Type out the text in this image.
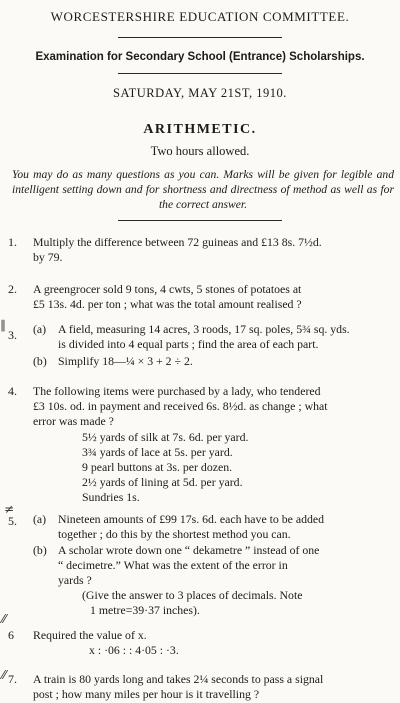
WORCESTERSHIRE EDUCATION COMMITTEE.
Examination for Secondary School (Entrance) Scholarships.
SATURDAY, MAY 21ST, 1910.
ARITHMETIC.
Two hours allowed.
You may do as many questions as you can. Marks will be given for legible and intelligent setting down and for shortness and directness of method as well as for the correct answer.
1. Multiply the difference between 72 guineas and £13 8s. 7½d.
by 79.
2. A greengrocer sold 9 tons, 4 cwts, 5 stones of potatoes at
£5 13s. 4d. per ton ; what was the total amount realised ?
∥
3. (a) A field, measuring 14 acres, 3 roods, 17 sq. poles, 5¾ sq. yds.
is divided into 4 equal parts ; find the area of each part.
(b) Simplify 18—¼ × 3 + 2 ÷ 2.
4. The following items were purchased by a lady, who tendered
£3 10s. od. in payment and received 6s. 8½d. as change ; what
error was made ?
5½ yards of silk at 7s. 6d. per yard.
3¾ yards of lace at 5s. per yard.
9 pearl buttons at 3s. per dozen.
2½ yards of lining at 5d. per yard.
Sundries 1s.
≠
5. (a) Nineteen amounts of £99 17s. 6d. each have to be added
together ; do this by the shortest method you can.
(b) A scholar wrote down one “ dekametre ” instead of one
“ decimetre.” What was the extent of the error in
yards ?
(Give the answer to 3 places of decimals. Note
1 metre=39·37 inches).
⁄⁄
6 Required the value of x.
x : ·06 : : 4·05 : ·3.
⁄⁄ 7. A train is 80 yards long and takes 2¼ seconds to pass a signal
post ; how many miles per hour is it travelling ?
